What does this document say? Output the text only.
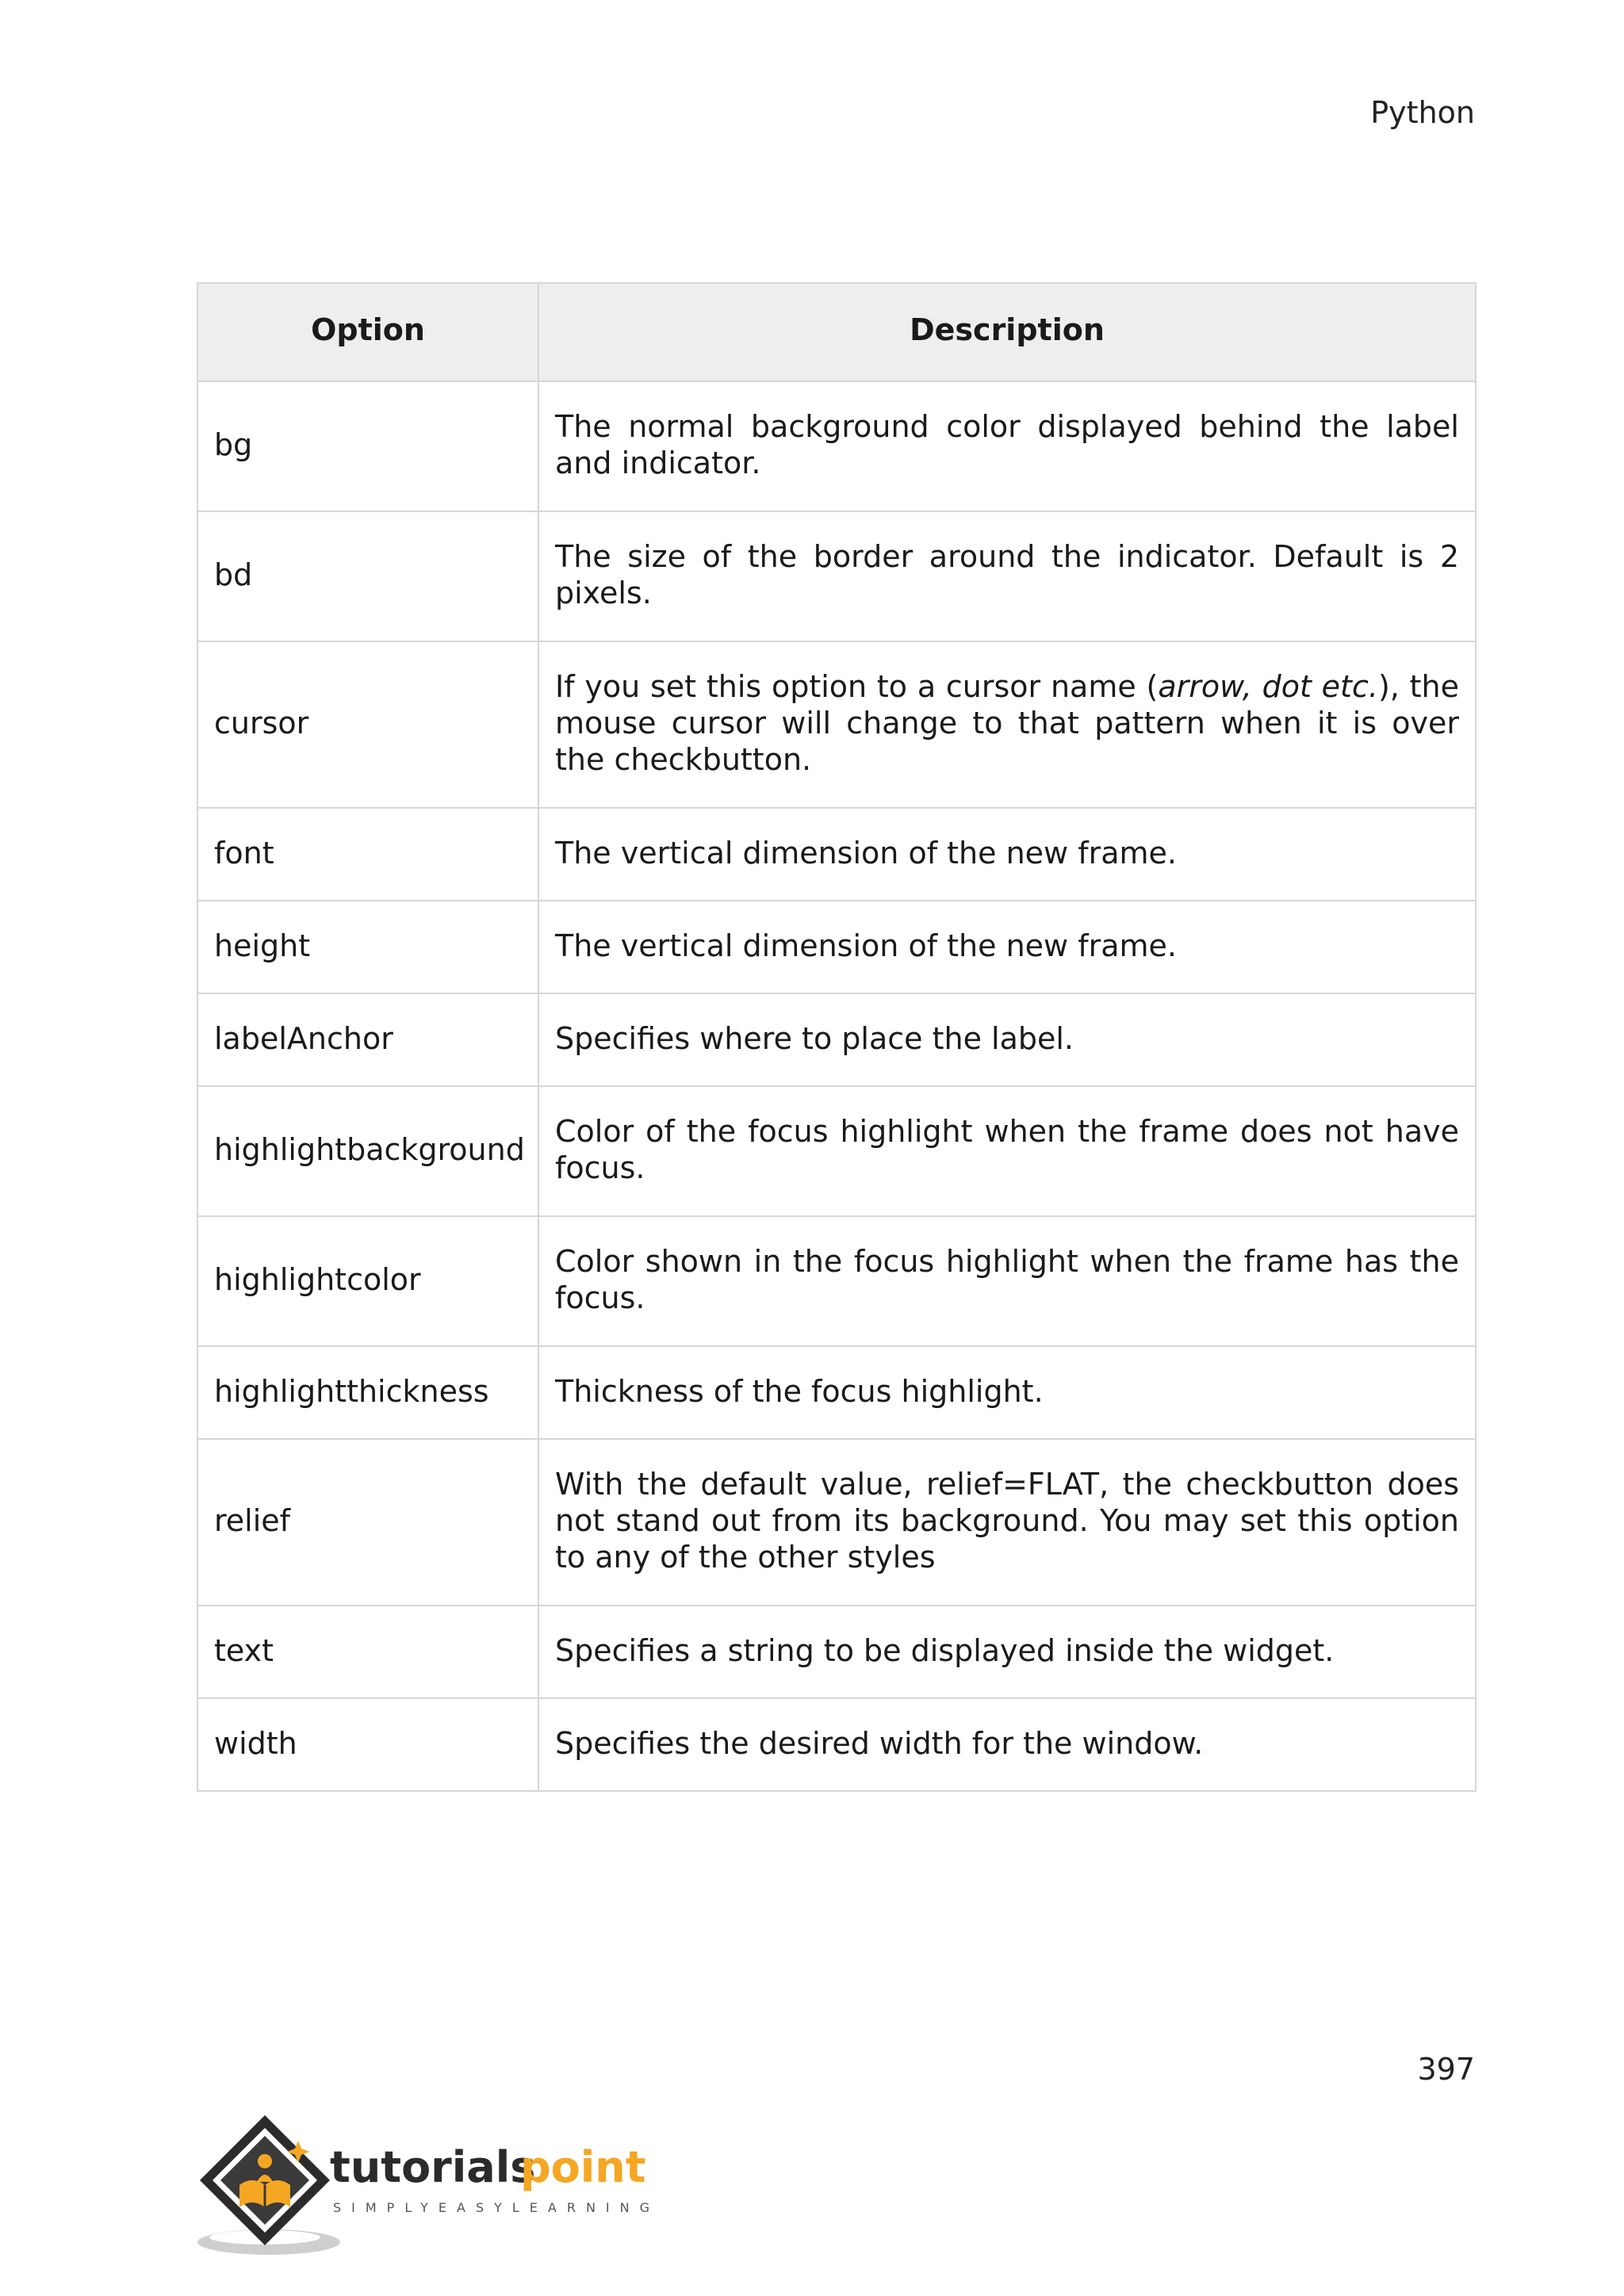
Python
Option	Description
bg	The normal background color displayed behind the label and indicator.
bd	The size of the border around the indicator. Default is 2 pixels.
cursor	If you set this option to a cursor name (arrow, dot etc.), the mouse cursor will change to that pattern when it is over the checkbutton.
font	The vertical dimension of the new frame.
height	The vertical dimension of the new frame.
labelAnchor	Specifies where to place the label.
highlightbackground	Color of the focus highlight when the frame does not have focus.
highlightcolor	Color shown in the focus highlight when the frame has the focus.
highlightthickness	Thickness of the focus highlight.
relief	With the default value, relief=FLAT, the checkbutton does not stand out from its background. You may set this option to any of the other styles
text	Specifies a string to be displayed inside the widget.
width	Specifies the desired width for the window.
397
tutorials
point
SIMPLYEASYLEARNING
